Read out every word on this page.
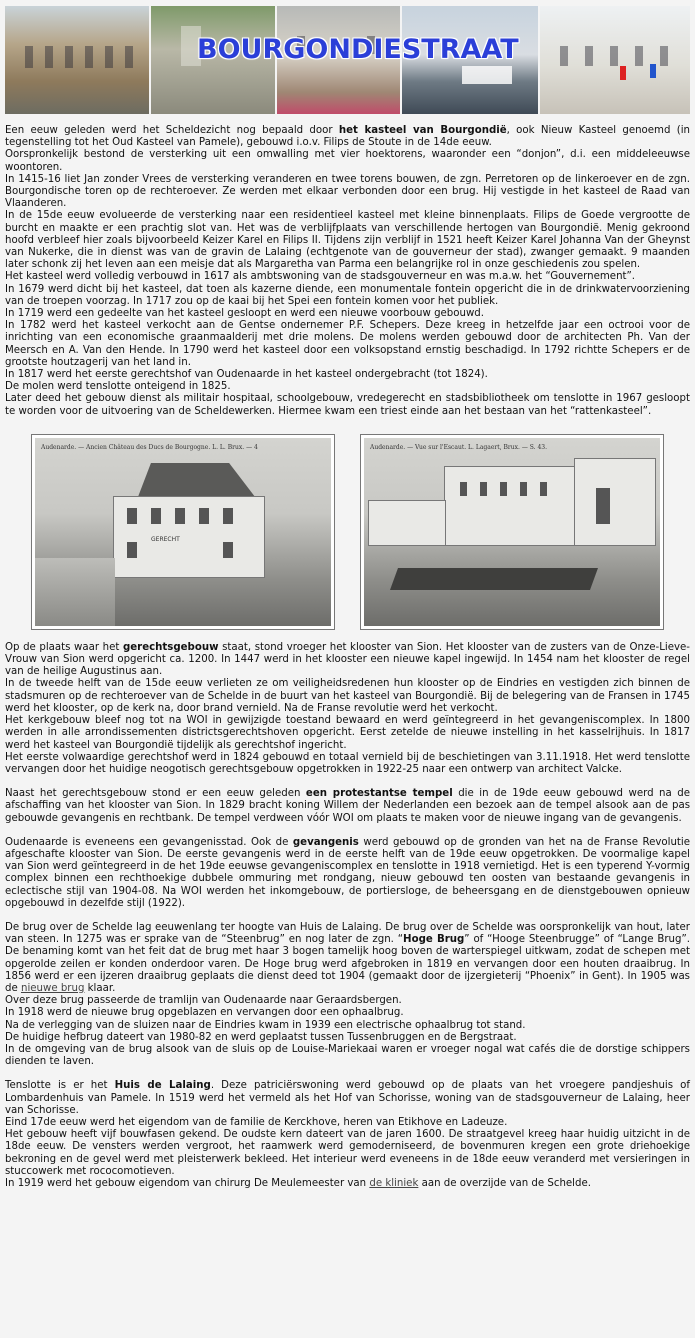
BOURGONDIESTRAAT

Een eeuw geleden werd het Scheldezicht nog bepaald door het kasteel van Bourgondië, ook Nieuw Kasteel genoemd (in tegenstelling tot het Oud Kasteel van Pamele), gebouwd i.o.v. Filips de Stoute in de 14de eeuw.

Oorspronkelijk bestond de versterking uit een omwalling met vier hoektorens, waaronder een “donjon”, d.i. een middeleeuwse woontoren.

In 1415-16 liet Jan zonder Vrees de versterking veranderen en twee torens bouwen, de zgn. Perretoren op de linkeroever en de zgn. Bourgondische toren op de rechteroever. Ze werden met elkaar verbonden door een brug. Hij vestigde in het kasteel de Raad van Vlaanderen.

In de 15de eeuw evolueerde de versterking naar een residentieel kasteel met kleine binnenplaats. Filips de Goede vergrootte de burcht en maakte er een prachtig slot van. Het was de verblijfplaats van verschillende hertogen van Bourgondië. Menig gekroond hoofd verbleef hier zoals bijvoorbeeld Keizer Karel en Filips II. Tijdens zijn verblijf in 1521 heeft Keizer Karel Johanna Van der Gheynst van Nukerke, die in dienst was van de gravin de Lalaing (echtgenote van de gouverneur der stad), zwanger gemaakt. 9 maanden later schonk zij het leven aan een meisje dat als Margaretha van Parma een belangrijke rol in onze geschiedenis zou spelen.

Het kasteel werd volledig verbouwd in 1617 als ambtswoning van de stadsgouverneur en was m.a.w. het “Gouvernement”.

In 1679 werd dicht bij het kasteel, dat toen als kazerne diende, een monumentale fontein opgericht die in de drinkwatervoorziening van de troepen voorzag. In 1717 zou op de kaai bij het Spei een fontein komen voor het publiek.

In 1719 werd een gedeelte van het kasteel gesloopt en werd een nieuwe voorbouw gebouwd.

In 1782 werd het kasteel verkocht aan de Gentse ondernemer P.F. Schepers. Deze kreeg in hetzelfde jaar een octrooi voor de inrichting van een economische graanmaalderij met drie molens. De molens werden gebouwd door de architecten Ph. Van der Meersch en A. Van den Hende. In 1790 werd het kasteel door een volksopstand ernstig beschadigd. In 1792 richtte Schepers er de grootste houtzagerij van het land in.

In 1817 werd het eerste gerechtshof van Oudenaarde in het kasteel ondergebracht (tot 1824).

De molen werd tenslotte onteigend in 1825.

Later deed het gebouw dienst als militair hospitaal, schoolgebouw, vredegerecht en stadsbibliotheek om tenslotte in 1967 gesloopt te worden voor de uitvoering van de Scheldewerken. Hiermee kwam een triest einde aan het bestaan van het “rattenkasteel”.

Audenarde. — Ancien Château des Ducs de Bourgogne. L. L. Brux. — 4
GERECHT
Audenarde. — Vue sur l'Escaut. L. Lagaert, Brux. — S. 43.

Op de plaats waar het gerechtsgebouw staat, stond vroeger het klooster van Sion. Het klooster van de zusters van de Onze-Lieve-Vrouw van Sion werd opgericht ca. 1200. In 1447 werd in het klooster een nieuwe kapel ingewijd. In 1454 nam het klooster de regel van de heilige Augustinus aan.

In de tweede helft van de 15de eeuw verlieten ze om veiligheidsredenen hun klooster op de Eindries en vestigden zich binnen de stadsmuren op de rechteroever van de Schelde in de buurt van het kasteel van Bourgondië. Bij de belegering van de Fransen in 1745 werd het klooster, op de kerk na, door brand vernield. Na de Franse revolutie werd het verkocht.

Het kerkgebouw bleef nog tot na WOI in gewijzigde toestand bewaard en werd geïntegreerd in het gevangeniscomplex. In 1800 werden in alle arrondissementen districtsgerechtshoven opgericht. Eerst zetelde de nieuwe instelling in het kasselrijhuis. In 1817 werd het kasteel van Bourgondië tijdelijk als gerechtshof ingericht.

Het eerste volwaardige gerechtshof werd in 1824 gebouwd en totaal vernield bij de beschietingen van 3.11.1918. Het werd tenslotte vervangen door het huidige neogotisch gerechtsgebouw opgetrokken in 1922-25 naar een ontwerp van architect Valcke.

Naast het gerechtsgebouw stond er een eeuw geleden een protestantse tempel die in de 19de eeuw gebouwd werd na de afschaffing van het klooster van Sion. In 1829 bracht koning Willem der Nederlanden een bezoek aan de tempel alsook aan de pas gebouwde gevangenis en rechtbank. De tempel verdween vóór WOI om plaats te maken voor de nieuwe ingang van de gevangenis.

Oudenaarde is eveneens een gevangenisstad. Ook de gevangenis werd gebouwd op de gronden van het na de Franse Revolutie afgeschafte klooster van Sion. De eerste gevangenis werd in de eerste helft van de 19de eeuw opgetrokken. De voormalige kapel van Sion werd geïntegreerd in de het 19de eeuwse gevangeniscomplex en tenslotte in 1918 vernietigd. Het is een typerend Y-vormig complex binnen een rechthoekige dubbele ommuring met rondgang, nieuw gebouwd ten oosten van bestaande gevangenis in eclectische stijl van 1904-08. Na WOI werden het inkomgebouw, de portiersloge, de beheersgang en de dienstgebouwen opnieuw opgebouwd in dezelfde stijl (1922).

De brug over de Schelde lag eeuwenlang ter hoogte van Huis de Lalaing. De brug over de Schelde was oorspronkelijk van hout, later van steen. In 1275 was er sprake van de “Steenbrug” en nog later de zgn. “Hoge Brug” of “Hooge Steenbrugge” of “Lange Brug”. De benaming komt van het feit dat de brug met haar 3 bogen tamelijk hoog boven de warterspiegel uitkwam, zodat de schepen met opgerolde zeilen er konden onderdoor varen. De Hoge brug werd afgebroken in 1819 en vervangen door een houten draaibrug. In 1856 werd er een ijzeren draaibrug geplaats die dienst deed tot 1904 (gemaakt door de ijzergieterij “Phoenix” in Gent). In 1905 was de nieuwe brug klaar.

Over deze brug passeerde de tramlijn van Oudenaarde naar Geraardsbergen.

In 1918 werd de nieuwe brug opgeblazen en vervangen door een ophaalbrug.

Na de verlegging van de sluizen naar de Eindries kwam in 1939 een electrische ophaalbrug tot stand.

De huidige hefbrug dateert van 1980-82 en werd geplaatst tussen Tussenbruggen en de Bergstraat.

In de omgeving van de brug alsook van de sluis op de Louise-Mariekaai waren er vroeger nogal wat cafés die de dorstige schippers dienden te laven.

Tenslotte is er het Huis de Lalaing. Deze patriciërswoning werd gebouwd op de plaats van het vroegere pandjeshuis of Lombardenhuis van Pamele. In 1519 werd het vermeld als het Hof van Schorisse, woning van de stadsgouverneur de Lalaing, heer van Schorisse.

Eind 17de eeuw werd het eigendom van de familie de Kerckhove, heren van Etikhove en Ladeuze.

Het gebouw heeft vijf bouwfasen gekend. De oudste kern dateert van de jaren 1600. De straatgevel kreeg haar huidig uitzicht in de 18de eeuw. De vensters werden vergroot, het raamwerk werd gemoderniseerd, de bovenmuren kregen een grote driehoekige bekroning en de gevel werd met pleisterwerk bekleed. Het interieur werd eveneens in de 18de eeuw veranderd met versieringen in stuccowerk met rococomotieven.

In 1919 werd het gebouw eigendom van chirurg De Meulemeester van de kliniek aan de overzijde van de Schelde.
